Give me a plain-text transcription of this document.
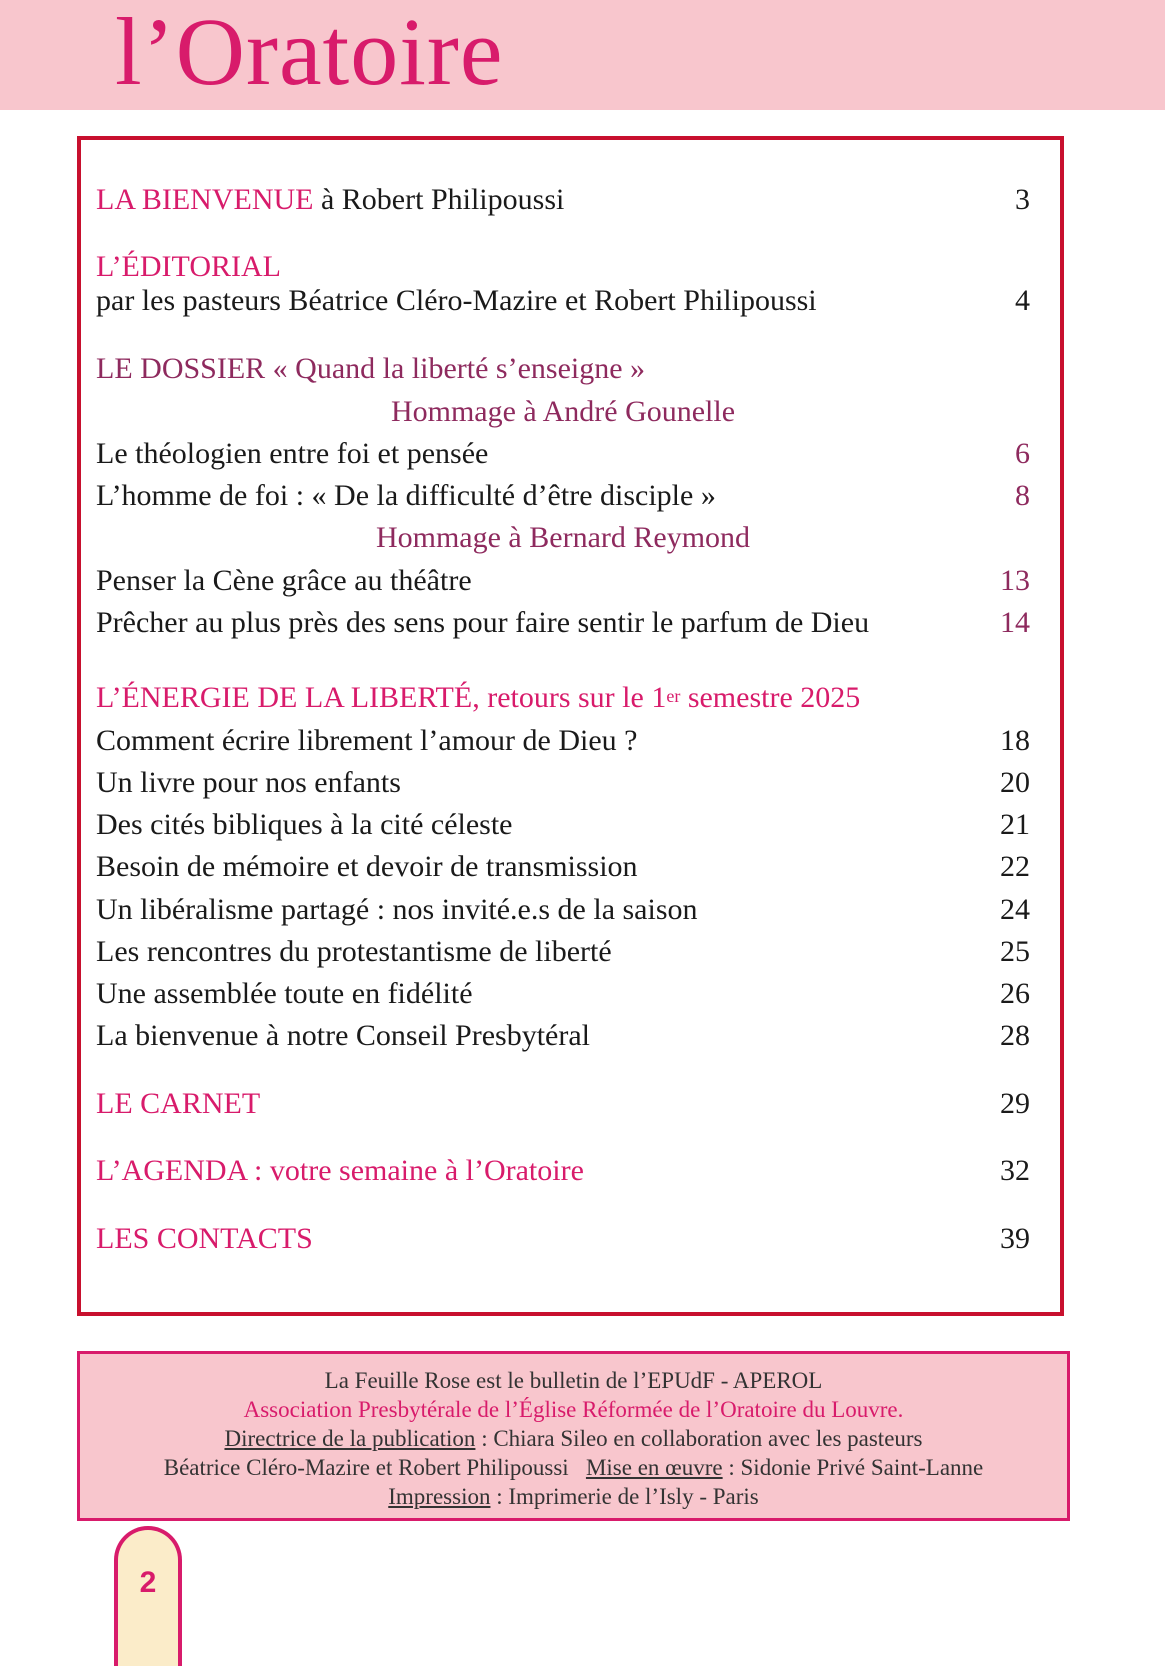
l’Oratoire
LA BIENVENUE à Robert Philipoussi	3
L’ÉDITORIAL
par les pasteurs Béatrice Cléro-Mazire et Robert Philipoussi	4
LE DOSSIER « Quand la liberté s’enseigne »
Hommage à André Gounelle
Le théologien entre foi et pensée	6
L’homme de foi : « De la difficulté d’être disciple »	8
Hommage à Bernard Reymond
Penser la Cène grâce au théâtre	13
Prêcher au plus près des sens pour faire sentir le parfum de Dieu	14
L’ÉNERGIE DE LA LIBERTÉ, retours sur le 1er semestre 2025
Comment écrire librement l’amour de Dieu ?	18
Un livre pour nos enfants	20
Des cités bibliques à la cité céleste	21
Besoin de mémoire et devoir de transmission	22
Un libéralisme partagé : nos invité.e.s de la saison	24
Les rencontres du protestantisme de liberté	25
Une assemblée toute en fidélité	26
La bienvenue à notre Conseil Presbytéral	28
LE CARNET	29
L’AGENDA : votre semaine à l’Oratoire	32
LES CONTACTS	39
La Feuille Rose est le bulletin de l’EPUdF - APEROL
Association Presbytérale de l’Église Réformée de l’Oratoire du Louvre.
Directrice de la publication : Chiara Sileo en collaboration avec les pasteurs
Béatrice Cléro-Mazire et Robert Philipoussi Mise en œuvre : Sidonie Privé Saint-Lanne
Impression : Imprimerie de l’Isly - Paris
2
